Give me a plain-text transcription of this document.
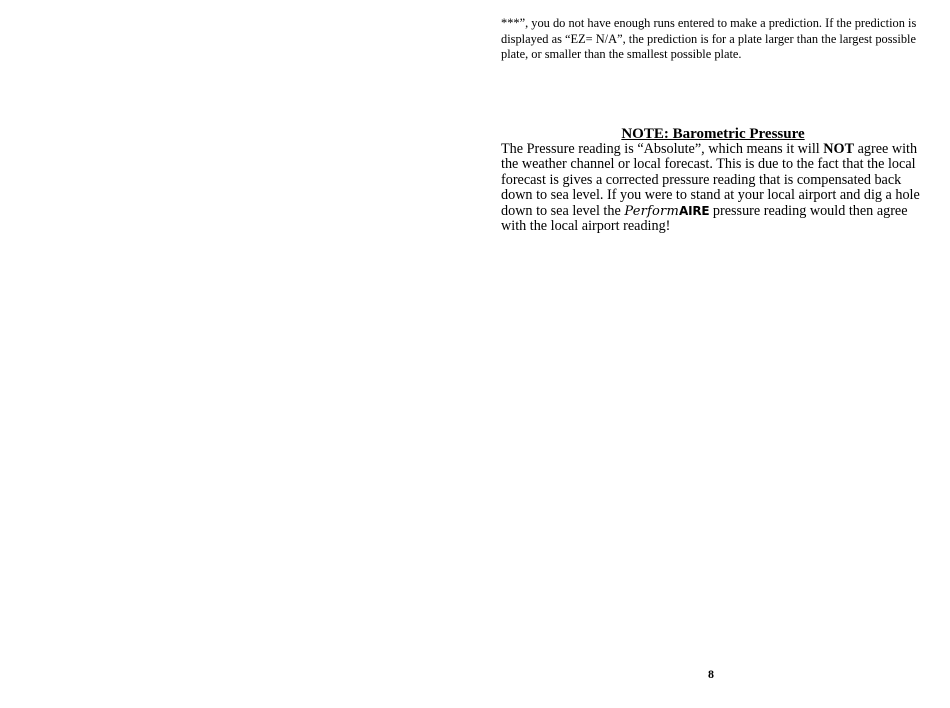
***”, you do not have enough runs entered to make a prediction. If the prediction is displayed as “EZ= N/A”, the prediction is for a plate larger than the largest possible plate, or smaller than the smallest possible plate.

NOTE: Barometric Pressure

The Pressure reading is “Absolute”, which means it will NOT agree with the weather channel or local forecast. This is due to the fact that the local forecast is gives a corrected pressure reading that is compensated back down to sea level. If you were to stand at your local airport and dig a hole down to sea level the PerformAIRE pressure reading would then agree with the local airport reading!

8
